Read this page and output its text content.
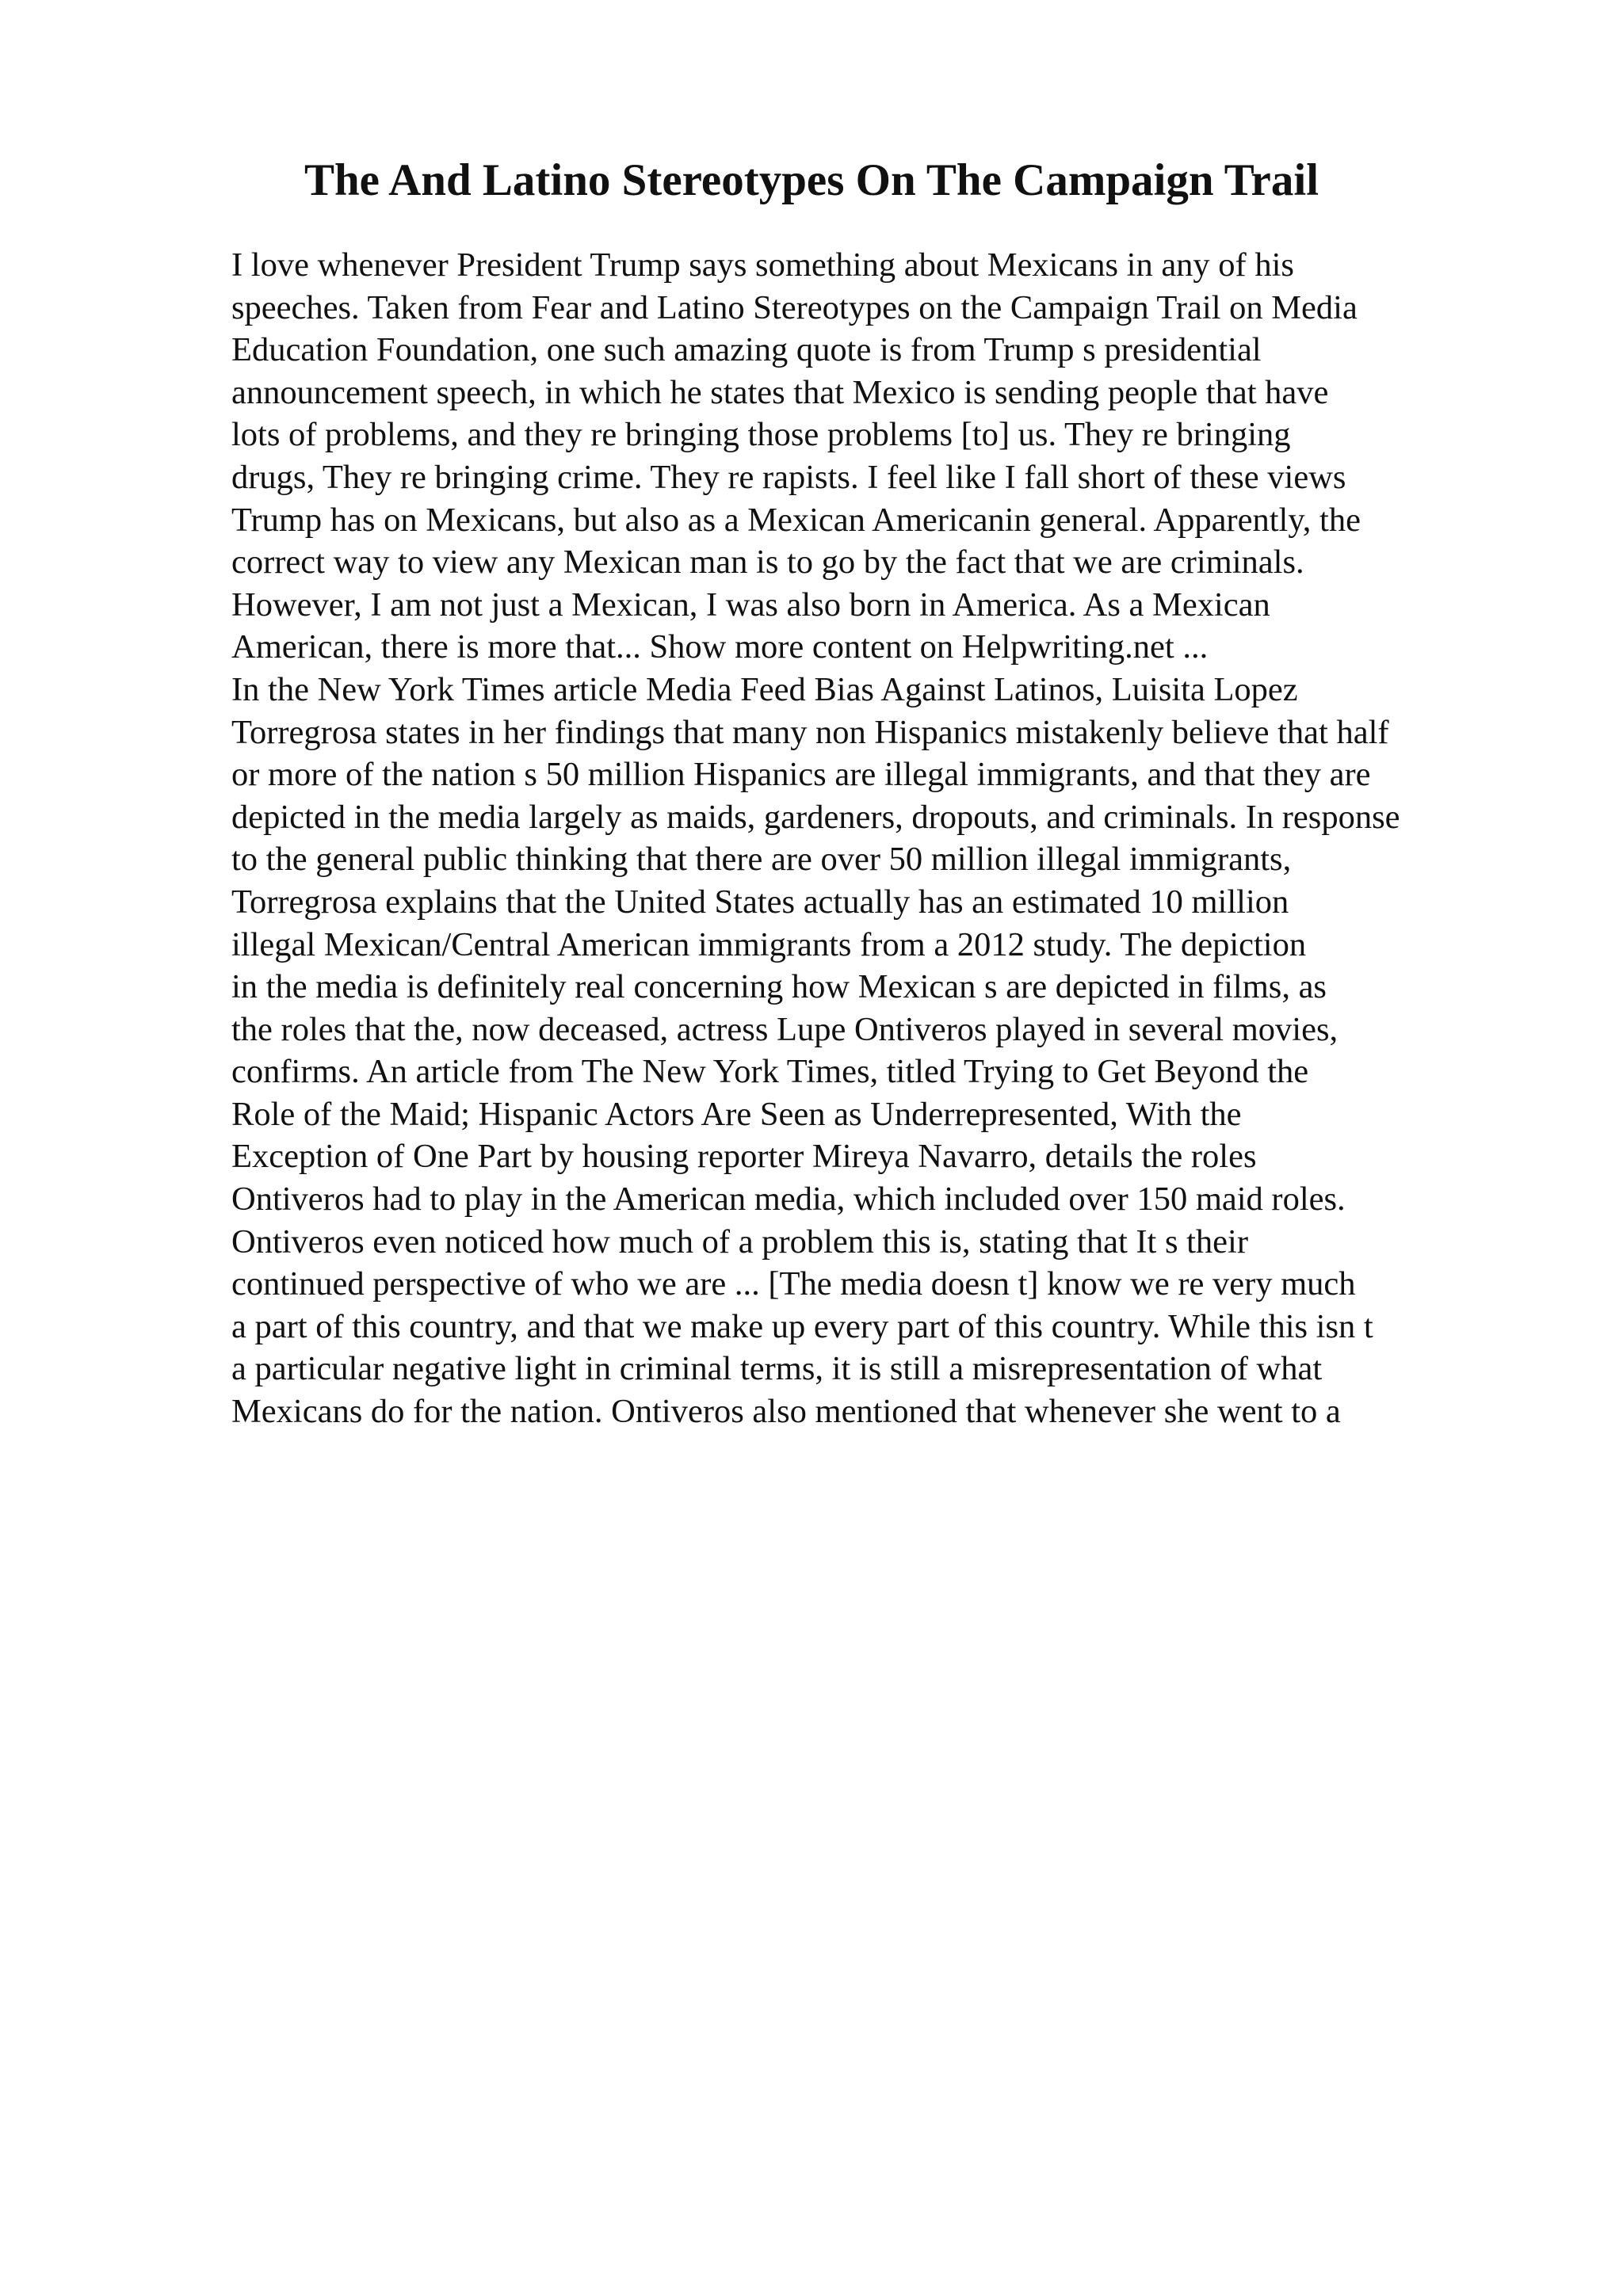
The And Latino Stereotypes On The Campaign Trail
I love whenever President Trump says something about Mexicans in any of his
speeches. Taken from Fear and Latino Stereotypes on the Campaign Trail on Media
Education Foundation, one such amazing quote is from Trump s presidential
announcement speech, in which he states that Mexico is sending people that have
lots of problems, and they re bringing those problems [to] us. They re bringing
drugs, They re bringing crime. They re rapists. I feel like I fall short of these views
Trump has on Mexicans, but also as a Mexican Americanin general. Apparently, the
correct way to view any Mexican man is to go by the fact that we are criminals.
However, I am not just a Mexican, I was also born in America. As a Mexican
American, there is more that... Show more content on Helpwriting.net ...
In the New York Times article Media Feed Bias Against Latinos, Luisita Lopez
Torregrosa states in her findings that many non Hispanics mistakenly believe that half
or more of the nation s 50 million Hispanics are illegal immigrants, and that they are
depicted in the media largely as maids, gardeners, dropouts, and criminals. In response
to the general public thinking that there are over 50 million illegal immigrants,
Torregrosa explains that the United States actually has an estimated 10 million
illegal Mexican/Central American immigrants from a 2012 study. The depiction
in the media is definitely real concerning how Mexican s are depicted in films, as
the roles that the, now deceased, actress Lupe Ontiveros played in several movies,
confirms. An article from The New York Times, titled Trying to Get Beyond the
Role of the Maid; Hispanic Actors Are Seen as Underrepresented, With the
Exception of One Part by housing reporter Mireya Navarro, details the roles
Ontiveros had to play in the American media, which included over 150 maid roles.
Ontiveros even noticed how much of a problem this is, stating that It s their
continued perspective of who we are ... [The media doesn t] know we re very much
a part of this country, and that we make up every part of this country. While this isn t
a particular negative light in criminal terms, it is still a misrepresentation of what
Mexicans do for the nation. Ontiveros also mentioned that whenever she went to a
